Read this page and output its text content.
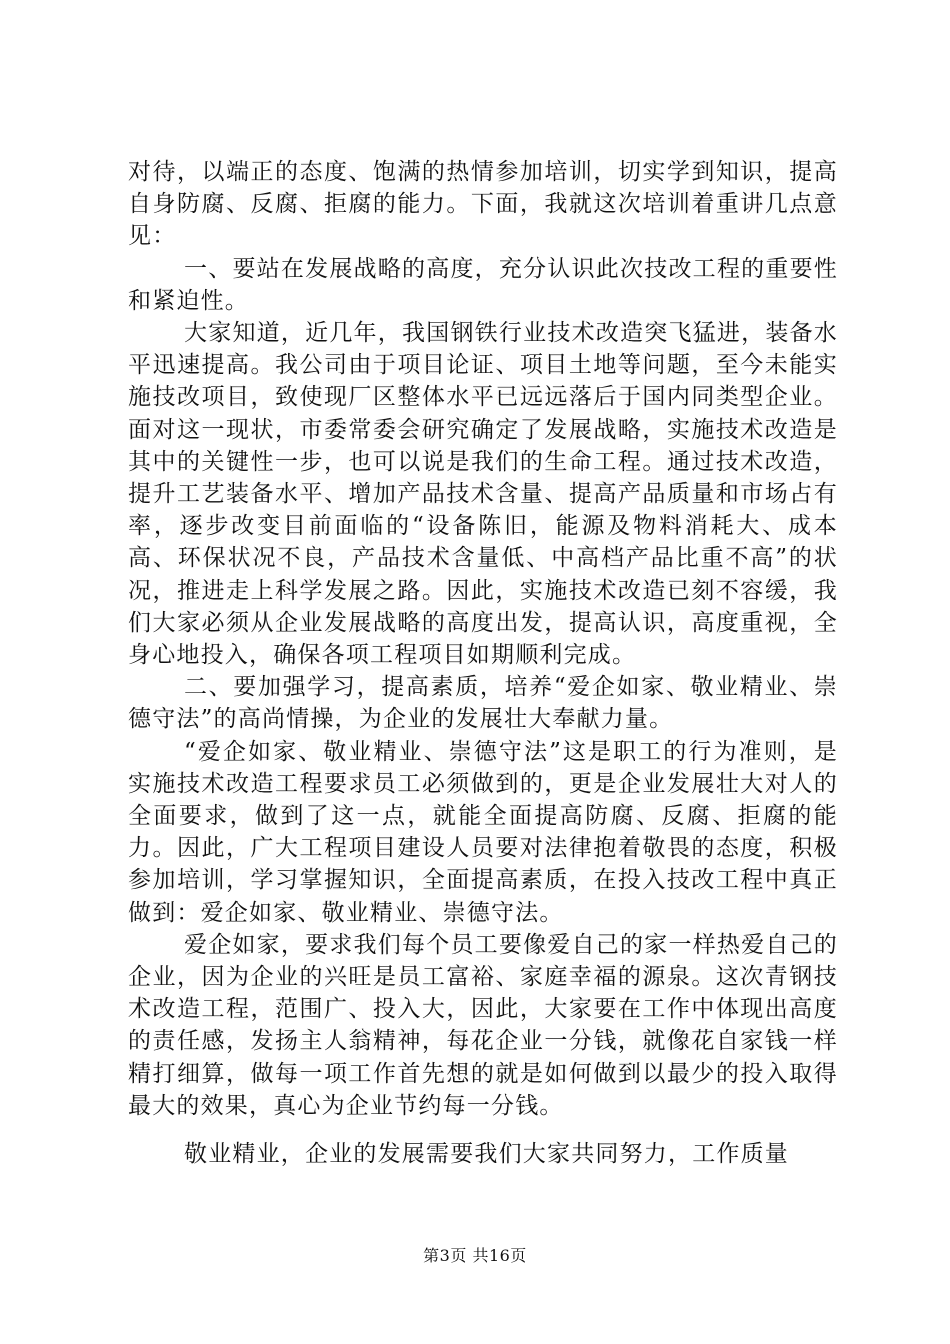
对待，以端正的态度、饱满的热情参加培训，切实学到知识，提高自身防腐、反腐、拒腐的能力。下面，我就这次培训着重讲几点意见：

一、要站在发展战略的高度，充分认识此次技改工程的重要性和紧迫性。

大家知道，近几年，我国钢铁行业技术改造突飞猛进，装备水平迅速提高。我公司由于项目论证、项目土地等问题，至今未能实施技改项目，致使现厂区整体水平已远远落后于国内同类型企业。面对这一现状，市委常委会研究确定了发展战略，实施技术改造是其中的关键性一步，也可以说是我们的生命工程。通过技术改造，提升工艺装备水平、增加产品技术含量、提高产品质量和市场占有率，逐步改变目前面临的“设备陈旧，能源及物料消耗大、成本高、环保状况不良，产品技术含量低、中高档产品比重不高”的状况，推进走上科学发展之路。因此，实施技术改造已刻不容缓，我们大家必须从企业发展战略的高度出发，提高认识，高度重视，全身心地投入，确保各项工程项目如期顺利完成。

二、要加强学习，提高素质，培养“爱企如家、敬业精业、崇德守法”的高尚情操，为企业的发展壮大奉献力量。

“爱企如家、敬业精业、崇德守法”这是职工的行为准则，是实施技术改造工程要求员工必须做到的，更是企业发展壮大对人的全面要求，做到了这一点，就能全面提高防腐、反腐、拒腐的能力。因此，广大工程项目建设人员要对法律抱着敬畏的态度，积极参加培训，学习掌握知识，全面提高素质，在投入技改工程中真正做到：爱企如家、敬业精业、崇德守法。

爱企如家，要求我们每个员工要像爱自己的家一样热爱自己的企业，因为企业的兴旺是员工富裕、家庭幸福的源泉。这次青钢技术改造工程，范围广、投入大，因此，大家要在工作中体现出高度的责任感，发扬主人翁精神，每花企业一分钱，就像花自家钱一样精打细算，做每一项工作首先想的就是如何做到以最少的投入取得最大的效果，真心为企业节约每一分钱。

敬业精业，企业的发展需要我们大家共同努力，工作质量

第3页 共16页
